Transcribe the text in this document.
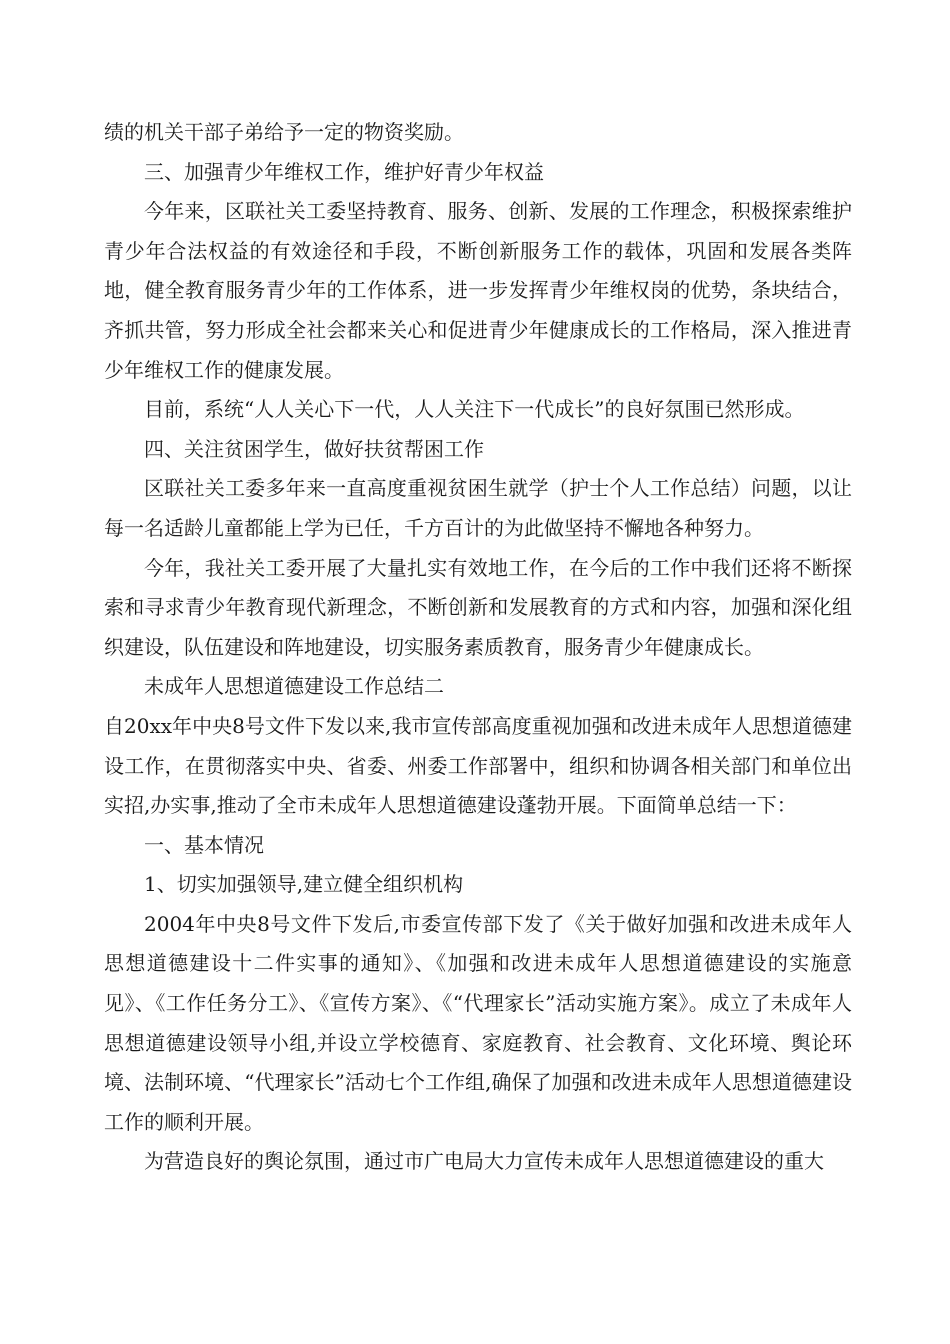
绩的机关干部子弟给予一定的物资奖励。

三、加强青少年维权工作，维护好青少年权益

今年来，区联社关工委坚持教育、服务、创新、发展的工作理念，积极探索维护青少年合法权益的有效途径和手段，不断创新服务工作的载体，巩固和发展各类阵地，健全教育服务青少年的工作体系，进一步发挥青少年维权岗的优势，条块结合，齐抓共管，努力形成全社会都来关心和促进青少年健康成长的工作格局，深入推进青少年维权工作的健康发展。

目前，系统“人人关心下一代，人人关注下一代成长”的良好氛围已然形成。

四、关注贫困学生，做好扶贫帮困工作

区联社关工委多年来一直高度重视贫困生就学（护士个人工作总结）问题，以让每一名适龄儿童都能上学为已任，千方百计的为此做坚持不懈地各种努力。

今年，我社关工委开展了大量扎实有效地工作，在今后的工作中我们还将不断探索和寻求青少年教育现代新理念，不断创新和发展教育的方式和内容，加强和深化组织建设，队伍建设和阵地建设，切实服务素质教育，服务青少年健康成长。

未成年人思想道德建设工作总结二

自20xx年中央8号文件下发以来,我市宣传部高度重视加强和改进未成年人思想道德建设工作，在贯彻落实中央、省委、州委工作部署中，组织和协调各相关部门和单位出实招,办实事,推动了全市未成年人思想道德建设蓬勃开展。下面简单总结一下：

一、基本情况

1、切实加强领导,建立健全组织机构

2004年中央8号文件下发后,市委宣传部下发了《关于做好加强和改进未成年人思想道德建设十二件实事的通知》、《加强和改进未成年人思想道德建设的实施意见》、《工作任务分工》、《宣传方案》、《“代理家长”活动实施方案》。成立了未成年人思想道德建设领导小组,并设立学校德育、家庭教育、社会教育、文化环境、舆论环境、法制环境、“代理家长”活动七个工作组,确保了加强和改进未成年人思想道德建设工作的顺利开展。

为营造良好的舆论氛围，通过市广电局大力宣传未成年人思想道德建设的重大
